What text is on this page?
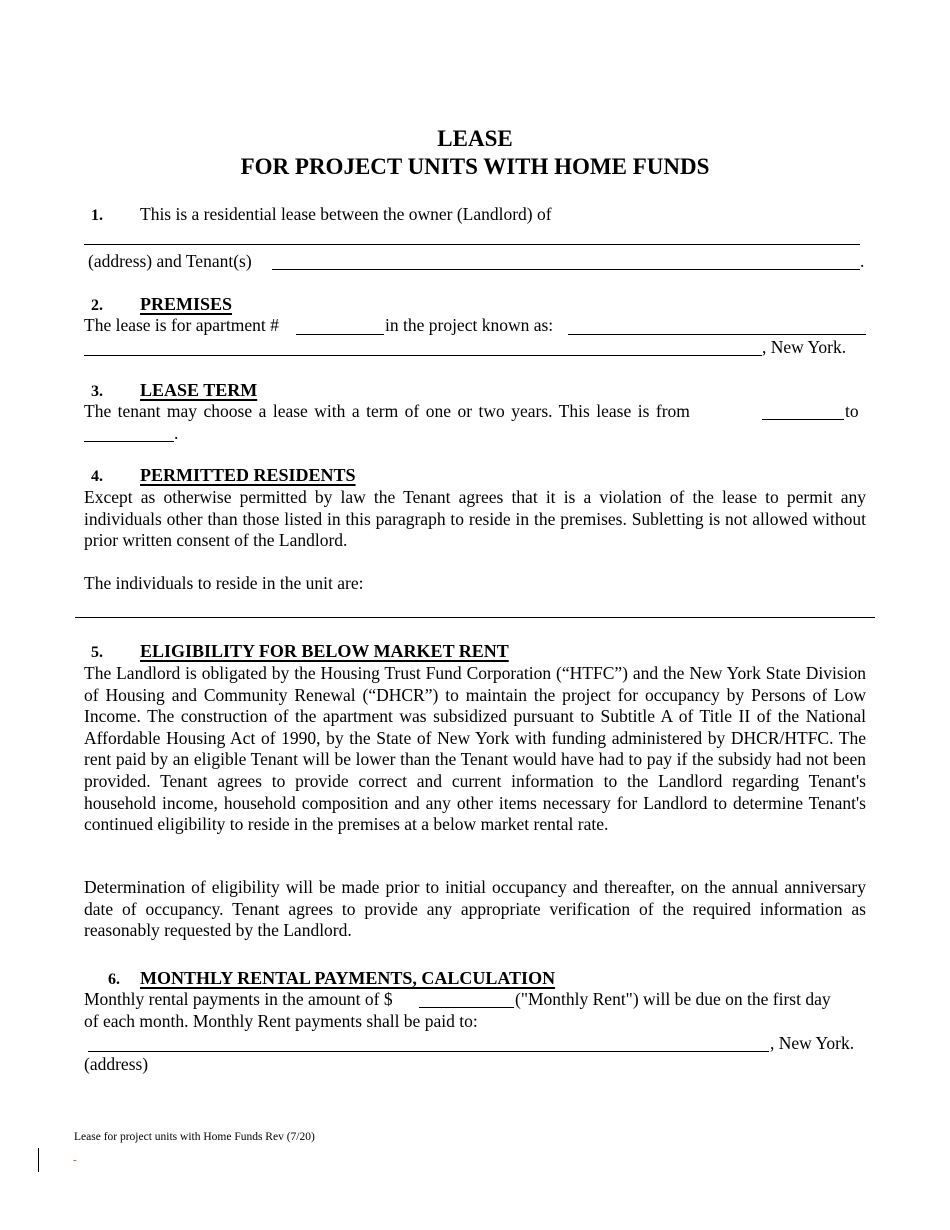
LEASE
FOR PROJECT UNITS WITH HOME FUNDS
1. This is a residential lease between the owner (Landlord) of
(address) and Tenant(s)	.
2. PREMISES
The lease is for apartment #	in the project known as:
, New York.
3. LEASE TERM
The tenant may choose a lease with a term of one or two years. This lease is from	to
.
4. PERMITTED RESIDENTS
Except as otherwise permitted by law the Tenant agrees that it is a violation of the lease to permit any individuals other than those listed in this paragraph to reside in the premises. Subletting is not allowed without prior written consent of the Landlord.
The individuals to reside in the unit are:
5. ELIGIBILITY FOR BELOW MARKET RENT
The Landlord is obligated by the Housing Trust Fund Corporation (“HTFC”) and the New York State Division of Housing and Community Renewal (“DHCR”) to maintain the project for occupancy by Persons of Low Income. The construction of the apartment was subsidized pursuant to Subtitle A of Title II of the National Affordable Housing Act of 1990, by the State of New York with funding administered by DHCR/HTFC. The rent paid by an eligible Tenant will be lower than the Tenant would have had to pay if the subsidy had not been provided. Tenant agrees to provide correct and current information to the Landlord regarding Tenant's household income, household composition and any other items necessary for Landlord to determine Tenant's continued eligibility to reside in the premises at a below market rental rate.
Determination of eligibility will be made prior to initial occupancy and thereafter, on the annual anniversary date of occupancy. Tenant agrees to provide any appropriate verification of the required information as reasonably requested by the Landlord.
6. MONTHLY RENTAL PAYMENTS, CALCULATION
Monthly rental payments in the amount of $	("Monthly Rent") will be due on the first day
of each month. Monthly Rent payments shall be paid to:
, New York.
(address)
Lease for project units with Home Funds Rev (7/20)
-
